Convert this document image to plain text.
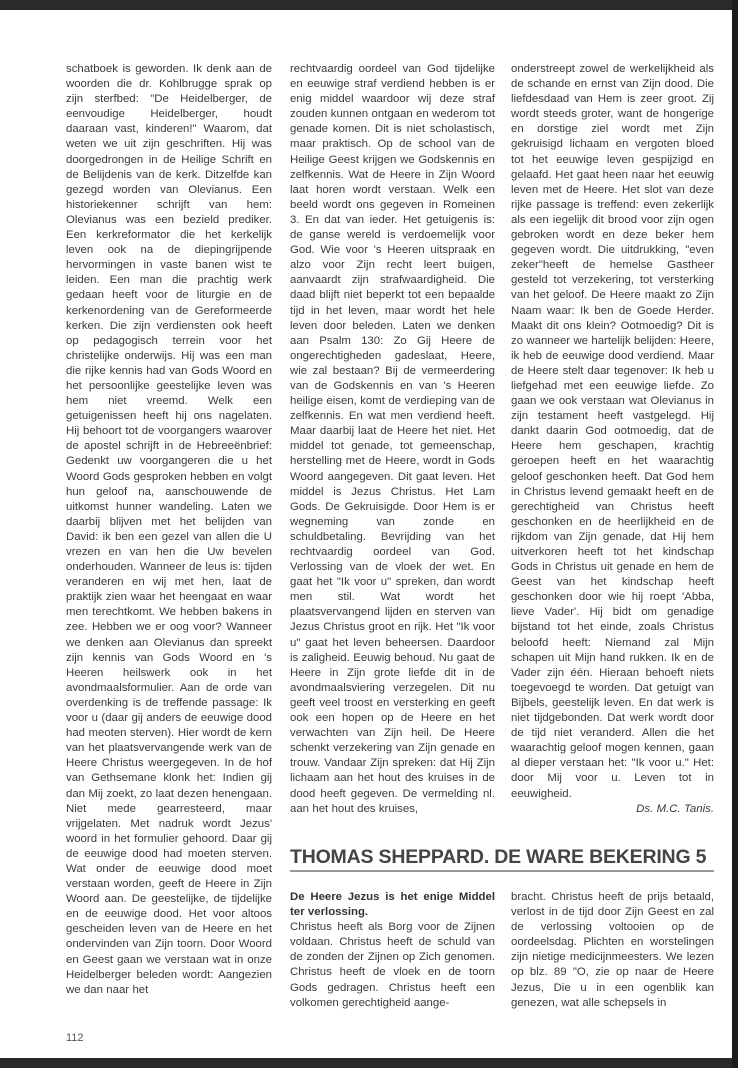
schatboek is geworden. Ik denk aan de woorden die dr. Kohlbrugge sprak op zijn sterfbed: "De Heidelberger, de eenvoudige Heidelberger, houdt daaraan vast, kinderen!" Waarom, dat weten we uit zijn geschriften. Hij was doorgedrongen in de Heilige Schrift en de Belijdenis van de kerk. Ditzelfde kan gezegd worden van Olevianus. Een historiekenner schrijft van hem: Olevianus was een bezield prediker. Een kerkreformator die het kerkelijk leven ook na de diepingrijpende hervormingen in vaste banen wist te leiden. Een man die prachtig werk gedaan heeft voor de liturgie en de kerkenordening van de Gereformeerde kerken. Die zijn verdiensten ook heeft op pedagogisch terrein voor het christelijke onderwijs. Hij was een man die rijke kennis had van Gods Woord en het persoonlijke geestelijke leven was hem niet vreemd. Welk een getuigenissen heeft hij ons nagelaten. Hij behoort tot de voorgangers waarover de apostel schrijft in de Hebreeënbrief: Gedenkt uw voorgangeren die u het Woord Gods gesproken hebben en volgt hun geloof na, aanschouwende de uitkomst hunner wandeling. Laten we daarbij blijven met het belijden van David: ik ben een gezel van allen die U vrezen en van hen die Uw bevelen onderhouden. Wanneer de leus is: tijden veranderen en wij met hen, laat de praktijk zien waar het heengaat en waar men terechtkomt. We hebben bakens in zee. Hebben we er oog voor? Wanneer we denken aan Olevianus dan spreekt zijn kennis van Gods Woord en 's Heeren heilswerk ook in het avondmaalsformulier. Aan de orde van overdenking is de treffende passage: Ik voor u (daar gij anders de eeuwige dood had meoten sterven). Hier wordt de kern van het plaatsvervangende werk van de Heere Christus weergegeven. In de hof van Gethsemane klonk het: Indien gij dan Mij zoekt, zo laat dezen henengaan. Niet mede gearresteerd, maar vrijgelaten. Met nadruk wordt Jezus' woord in het formulier gehoord. Daar gij de eeuwige dood had moeten sterven. Wat onder de eeuwige dood moet verstaan worden, geeft de Heere in Zijn Woord aan. De geestelijke, de tijdelijke en de eeuwige dood. Het voor altoos gescheiden leven van de Heere en het ondervinden van Zijn toorn. Door Woord en Geest gaan we verstaan wat in onze Heidelberger beleden wordt: Aangezien we dan naar het

rechtvaardig oordeel van God tijdelijke en eeuwige straf verdiend hebben is er enig middel waardoor wij deze straf zouden kunnen ontgaan en wederom tot genade komen. Dit is niet scholastisch, maar praktisch. Op de school van de Heilige Geest krijgen we Godskennis en zelfkennis. Wat de Heere in Zijn Woord laat horen wordt verstaan. Welk een beeld wordt ons gegeven in Romeinen 3. En dat van ieder. Het getuigenis is: de ganse wereld is verdoemelijk voor God. Wie voor 's Heeren uitspraak en alzo voor Zijn recht leert buigen, aanvaardt zijn strafwaardigheid. Die daad blijft niet beperkt tot een bepaalde tijd in het leven, maar wordt het hele leven door beleden. Laten we denken aan Psalm 130: Zo Gij Heere de ongerechtigheden gadeslaat, Heere, wie zal bestaan? Bij de vermeerdering van de Godskennis en van 's Heeren heilige eisen, komt de verdieping van de zelfkennis. En wat men verdiend heeft. Maar daarbij laat de Heere het niet. Het middel tot genade, tot gemeenschap, herstelling met de Heere, wordt in Gods Woord aangegeven. Dit gaat leven. Het middel is Jezus Christus. Het Lam Gods. De Gekruisigde. Door Hem is er wegneming van zonde en schuldbetaling. Bevrijding van het rechtvaardig oordeel van God. Verlossing van de vloek der wet. En gaat het "Ik voor u" spreken, dan wordt men stil. Wat wordt het plaatsvervangend lijden en sterven van Jezus Christus groot en rijk. Het "Ik voor u" gaat het leven beheersen. Daardoor is zaligheid. Eeuwig behoud. Nu gaat de Heere in Zijn grote liefde dit in de avondmaalsviering verzegelen. Dit nu geeft veel troost en versterking en geeft ook een hopen op de Heere en het verwachten van Zijn heil. De Heere schenkt verzekering van Zijn genade en trouw. Vandaar Zijn spreken: dat Hij Zijn lichaam aan het hout des kruises in de dood heeft gegeven. De vermelding nl. aan het hout des kruises,

onderstreept zowel de werkelijkheid als de schande en ernst van Zijn dood. Die liefdesdaad van Hem is zeer groot. Zij wordt steeds groter, want de hongerige en dorstige ziel wordt met Zijn gekruisigd lichaam en vergoten bloed tot het eeuwige leven gespijzigd en gelaafd. Het gaat heen naar het eeuwig leven met de Heere. Het slot van deze rijke passage is treffend: even zekerlijk als een iegelijk dit brood voor zijn ogen gebroken wordt en deze beker hem gegeven wordt. Die uitdrukking, "even zeker"heeft de hemelse Gastheer gesteld tot verzekering, tot versterking van het geloof. De Heere maakt zo Zijn Naam waar: Ik ben de Goede Herder. Maakt dit ons klein? Ootmoedig? Dit is zo wanneer we hartelijk belijden: Heere, ik heb de eeuwige dood verdiend. Maar de Heere stelt daar tegenover: Ik heb u liefgehad met een eeuwige liefde. Zo gaan we ook verstaan wat Olevianus in zijn testament heeft vastgelegd. Hij dankt daarin God ootmoedig, dat de Heere hem geschapen, krachtig geroepen heeft en het waarachtig geloof geschonken heeft. Dat God hem in Christus levend gemaakt heeft en de gerechtigheid van Christus heeft geschonken en de heerlijkheid en de rijkdom van Zijn genade, dat Hij hem uitverkoren heeft tot het kindschap Gods in Christus uit genade en hem de Geest van het kindschap heeft geschonken door wie hij roept 'Abba, lieve Vader'. Hij bidt om genadige bijstand tot het einde, zoals Christus beloofd heeft: Niemand zal Mijn schapen uit Mijn hand rukken. Ik en de Vader zijn één. Hieraan behoeft niets toegevoegd te worden. Dat getuigt van Bijbels, geestelijk leven. En dat werk is niet tijdgebonden. Dat werk wordt door de tijd niet veranderd. Allen die het waarachtig geloof mogen kennen, gaan al dieper verstaan het: "Ik voor u." Het: door Mij voor u. Leven tot in eeuwigheid.

Ds. M.C. Tanis.

THOMAS SHEPPARD. DE WARE BEKERING 5

De Heere Jezus is het enige Middel ter verlossing.

Christus heeft als Borg voor de Zijnen voldaan. Christus heeft de schuld van de zonden der Zijnen op Zich genomen. Christus heeft de vloek en de toorn Gods gedragen. Christus heeft een volkomen gerechtigheid aange-

bracht. Christus heeft de prijs betaald, verlost in de tijd door Zijn Geest en zal de verlossing voltooien op de oordeelsdag. Plichten en worstelingen zijn nietige medicijnmeesters. We lezen op blz. 89 "O, zie op naar de Heere Jezus, Die u in een ogenblik kan genezen, wat alle schepsels in

112
